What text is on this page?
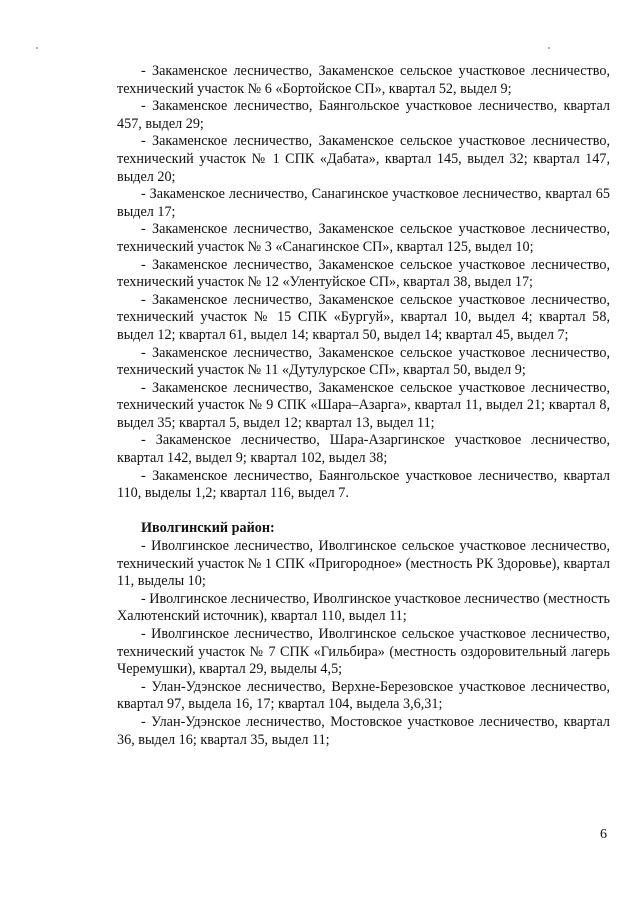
- Закаменское лесничество, Закаменское сельское участковое лесничество, технический участок № 6 «Бортойское СП», квартал 52, выдел 9;

- Закаменское лесничество, Баянгольское участковое лесничество, квартал 457, выдел 29;

- Закаменское лесничество, Закаменское сельское участковое лесничество, технический участок № 1 СПК «Дабата», квартал 145, выдел 32; квартал 147, выдел 20;

- Закаменское лесничество, Санагинское участковое лесничество, квартал 65 выдел 17;

- Закаменское лесничество, Закаменское сельское участковое лесничество, технический участок № 3 «Санагинское СП», квартал 125, выдел 10;

- Закаменское лесничество, Закаменское сельское участковое лесничество, технический участок № 12 «Улентуйское СП», квартал 38, выдел 17;

- Закаменское лесничество, Закаменское сельское участковое лесничество, технический участок № 15 СПК «Бургуй», квартал 10, выдел 4; квартал 58, выдел 12; квартал 61, выдел 14; квартал 50, выдел 14; квартал 45, выдел 7;

- Закаменское лесничество, Закаменское сельское участковое лесничество, технический участок № 11 «Дутулурское СП», квартал 50, выдел 9;

- Закаменское лесничество, Закаменское сельское участковое лесничество, технический участок № 9 СПК «Шара–Азарга», квартал 11, выдел 21; квартал 8, выдел 35; квартал 5, выдел 12; квартал 13, выдел 11;

- Закаменское лесничество, Шара-Азаргинское участковое лесничество, квартал 142, выдел 9; квартал 102, выдел 38;

- Закаменское лесничество, Баянгольское участковое лесничество, квартал 110, выделы 1,2; квартал 116, выдел 7.

Иволгинский район:

- Иволгинское лесничество, Иволгинское сельское участковое лесничество, технический участок № 1 СПК «Пригородное» (местность РК Здоровье), квартал 11, выделы 10;

- Иволгинское лесничество, Иволгинское участковое лесничество (местность Халютенский источник), квартал 110, выдел 11;

- Иволгинское лесничество, Иволгинское сельское участковое лесничество, технический участок № 7 СПК «Гильбира» (местность оздоровительный лагерь Черемушки), квартал 29, выделы 4,5;

- Улан-Удэнское лесничество, Верхне-Березовское участковое лесничество, квартал 97, выдела 16, 17; квартал 104, выдела 3,6,31;

- Улан-Удэнское лесничество, Мостовское участковое лесничество, квартал 36, выдел 16; квартал 35, выдел 11;

6
